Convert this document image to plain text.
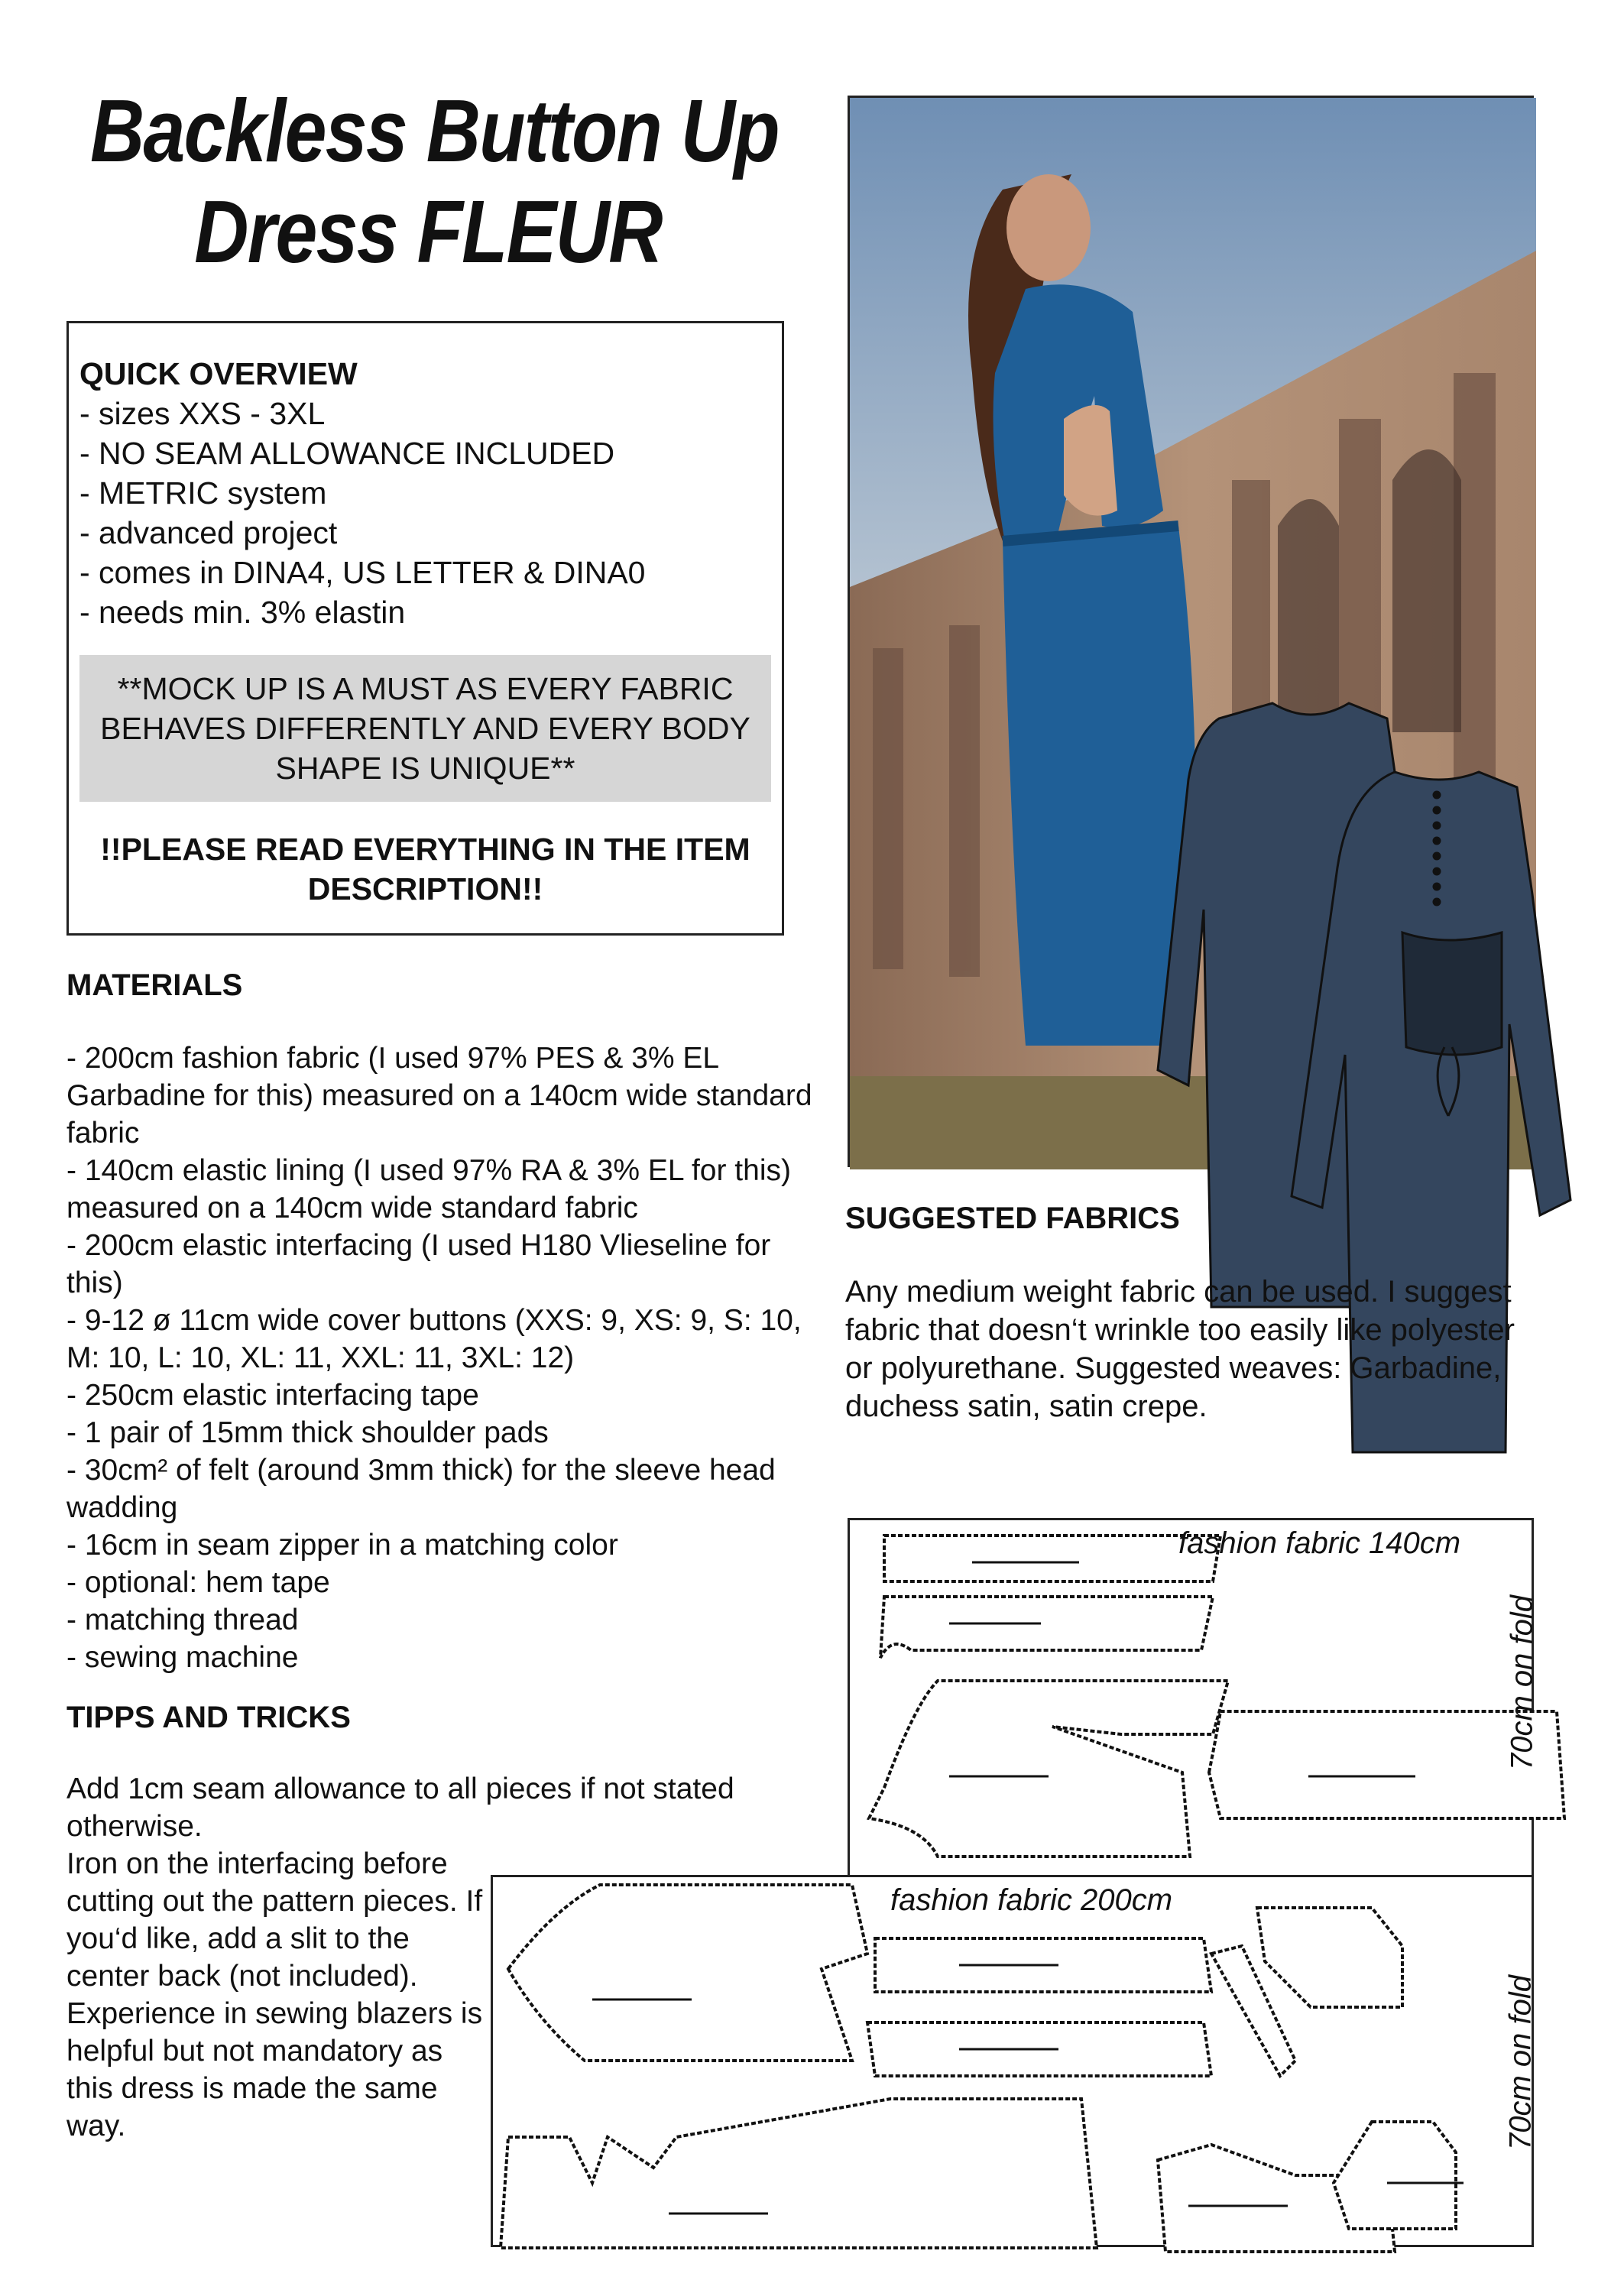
Backless Button Up
Dress FLEUR
QUICK OVERVIEW
- sizes XXS - 3XL
- NO SEAM ALLOWANCE INCLUDED
- METRIC system
- advanced project
- comes in DINA4, US LETTER & DINA0
- needs min. 3% elastin
**MOCK UP IS A MUST AS EVERY FABRIC BEHAVES DIFFERENTLY AND EVERY BODY SHAPE IS UNIQUE**
!!PLEASE READ EVERYTHING IN THE ITEM DESCRIPTION!!
MATERIALS
- 200cm fashion fabric (I used 97% PES & 3% EL Garbadine for this) measured on a 140cm wide standard fabric
- 140cm elastic lining (I used 97% RA & 3% EL for this) measured on a 140cm wide standard fabric
- 200cm elastic interfacing (I used H180 Vlieseline for this)
- 9-12 ø 11cm wide cover buttons (XXS: 9, XS: 9, S: 10, M: 10, L: 10, XL: 11, XXL: 11, 3XL: 12)
- 250cm elastic interfacing tape
- 1 pair of 15mm thick shoulder pads
- 30cm² of felt (around 3mm thick) for the sleeve head wadding
- 16cm in seam zipper in a matching color
- optional: hem tape
- matching thread
- sewing machine
TIPPS AND TRICKS
Add 1cm seam allowance to all pieces if not stated otherwise.
Iron on the interfacing before cutting out the pattern pieces. If you‘d like, add a slit to the center back (not included). Experience in sewing blazers is helpful but not mandatory as this dress is made the same way.
SUGGESTED FABRICS
Any medium weight fabric can be used. I suggest fabric that doesn‘t wrinkle too easily like polyester or polyurethane. Suggested weaves: Garbadine, duchess satin, satin crepe.
fashion fabric 140cm
70cm on fold
fashion fabric 200cm
70cm on fold
